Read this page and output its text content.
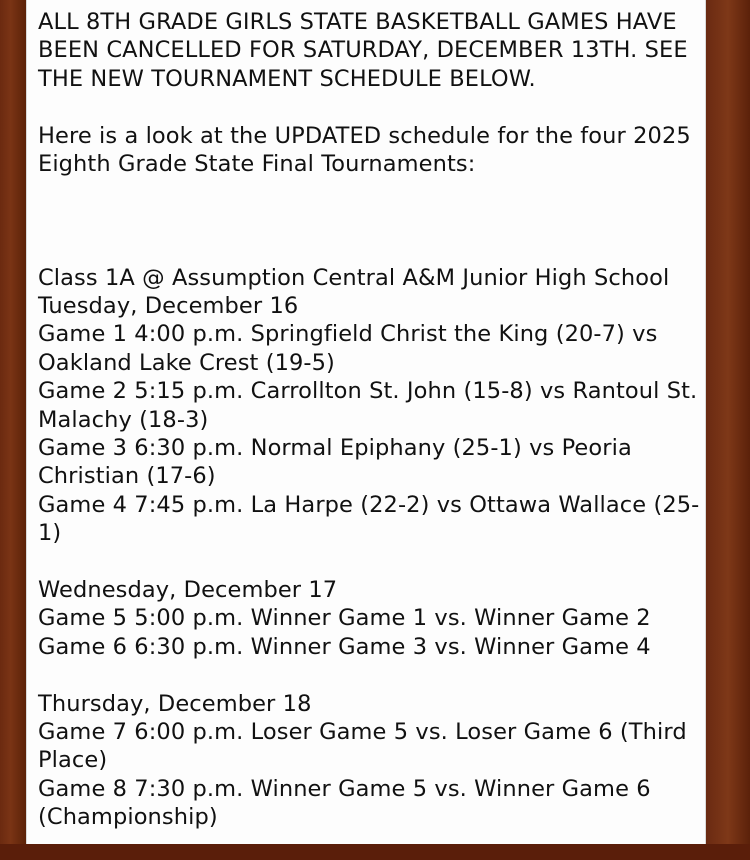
ALL 8TH GRADE GIRLS STATE BASKETBALL GAMES HAVE BEEN CANCELLED FOR SATURDAY, DECEMBER 13TH. SEE THE NEW TOURNAMENT SCHEDULE BELOW.

Here is a look at the UPDATED schedule for the four 2025 Eighth Grade State Final Tournaments:

Class 1A @ Assumption Central A&M Junior High School
Tuesday, December 16
Game 1 4:00 p.m. Springfield Christ the King (20-7) vs Oakland Lake Crest (19-5)
Game 2 5:15 p.m. Carrollton St. John (15-8) vs Rantoul St. Malachy (18-3)
Game 3 6:30 p.m. Normal Epiphany (25-1) vs Peoria Christian (17-6)
Game 4 7:45 p.m. La Harpe (22-2) vs Ottawa Wallace (25-1)
Wednesday, December 17
Game 5 5:00 p.m. Winner Game 1 vs. Winner Game 2
Game 6 6:30 p.m. Winner Game 3 vs. Winner Game 4
Thursday, December 18
Game 7 6:00 p.m. Loser Game 5 vs. Loser Game 6 (Third Place)
Game 8 7:30 p.m. Winner Game 5 vs. Winner Game 6 (Championship)
